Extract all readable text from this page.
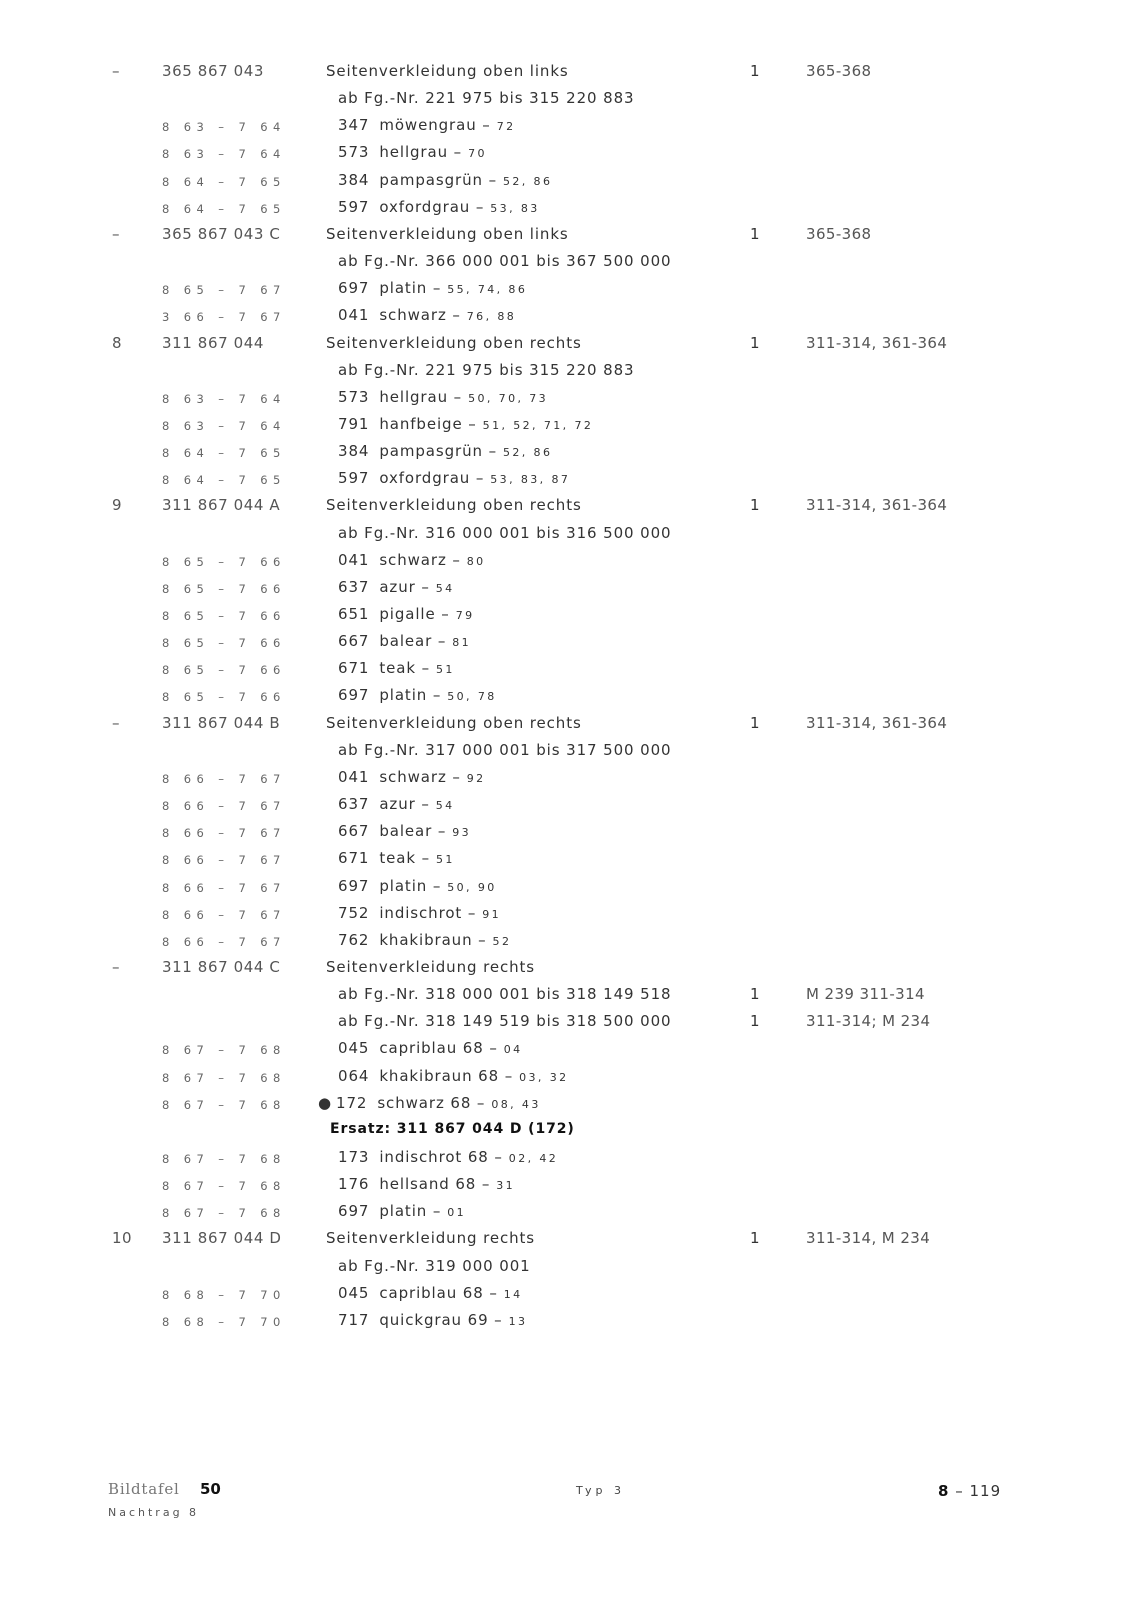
–	365 867 043	Seitenverkleidung oben links	1	365-368
ab Fg.-Nr. 221 975 bis 315 220 883
8 63 – 7 64	347 möwengrau – 72
8 63 – 7 64	573 hellgrau – 70
8 64 – 7 65	384 pampasgrün – 52, 86
8 64 – 7 65	597 oxfordgrau – 53, 83
–	365 867 043 C	Seitenverkleidung oben links	1	365-368
ab Fg.-Nr. 366 000 001 bis 367 500 000
8 65 – 7 67	697 platin – 55, 74, 86
3 66 – 7 67	041 schwarz – 76, 88
8	311 867 044	Seitenverkleidung oben rechts	1	311-314, 361-364
ab Fg.-Nr. 221 975 bis 315 220 883
8 63 – 7 64	573 hellgrau – 50, 70, 73
8 63 – 7 64	791 hanfbeige – 51, 52, 71, 72
8 64 – 7 65	384 pampasgrün – 52, 86
8 64 – 7 65	597 oxfordgrau – 53, 83, 87
9	311 867 044 A	Seitenverkleidung oben rechts	1	311-314, 361-364
ab Fg.-Nr. 316 000 001 bis 316 500 000
8 65 – 7 66	041 schwarz – 80
8 65 – 7 66	637 azur – 54
8 65 – 7 66	651 pigalle – 79
8 65 – 7 66	667 balear – 81
8 65 – 7 66	671 teak – 51
8 65 – 7 66	697 platin – 50, 78
–	311 867 044 B	Seitenverkleidung oben rechts	1	311-314, 361-364
ab Fg.-Nr. 317 000 001 bis 317 500 000
8 66 – 7 67	041 schwarz – 92
8 66 – 7 67	637 azur – 54
8 66 – 7 67	667 balear – 93
8 66 – 7 67	671 teak – 51
8 66 – 7 67	697 platin – 50, 90
8 66 – 7 67	752 indischrot – 91
8 66 – 7 67	762 khakibraun – 52
–	311 867 044 C	Seitenverkleidung rechts
ab Fg.-Nr. 318 000 001 bis 318 149 518	1	M 239 311-314
ab Fg.-Nr. 318 149 519 bis 318 500 000	1	311-314; M 234
8 67 – 7 68	045 capriblau 68 – 04
8 67 – 7 68	064 khakibraun 68 – 03, 32
8 67 – 7 68 ● 172 schwarz 68 – 08, 43
Ersatz: 311 867 044 D (172)
8 67 – 7 68	173 indischrot 68 – 02, 42
8 67 – 7 68	176 hellsand 68 – 31
8 67 – 7 68	697 platin – 01
10	311 867 044 D	Seitenverkleidung rechts	1	311-314, M 234
ab Fg.-Nr. 319 000 001
8 68 – 7 70	045 capriblau 68 – 14
8 68 – 7 70	717 quickgrau 69 – 13
Bildtafel 50
Nachtrag 8
Typ 3	8 – 119
